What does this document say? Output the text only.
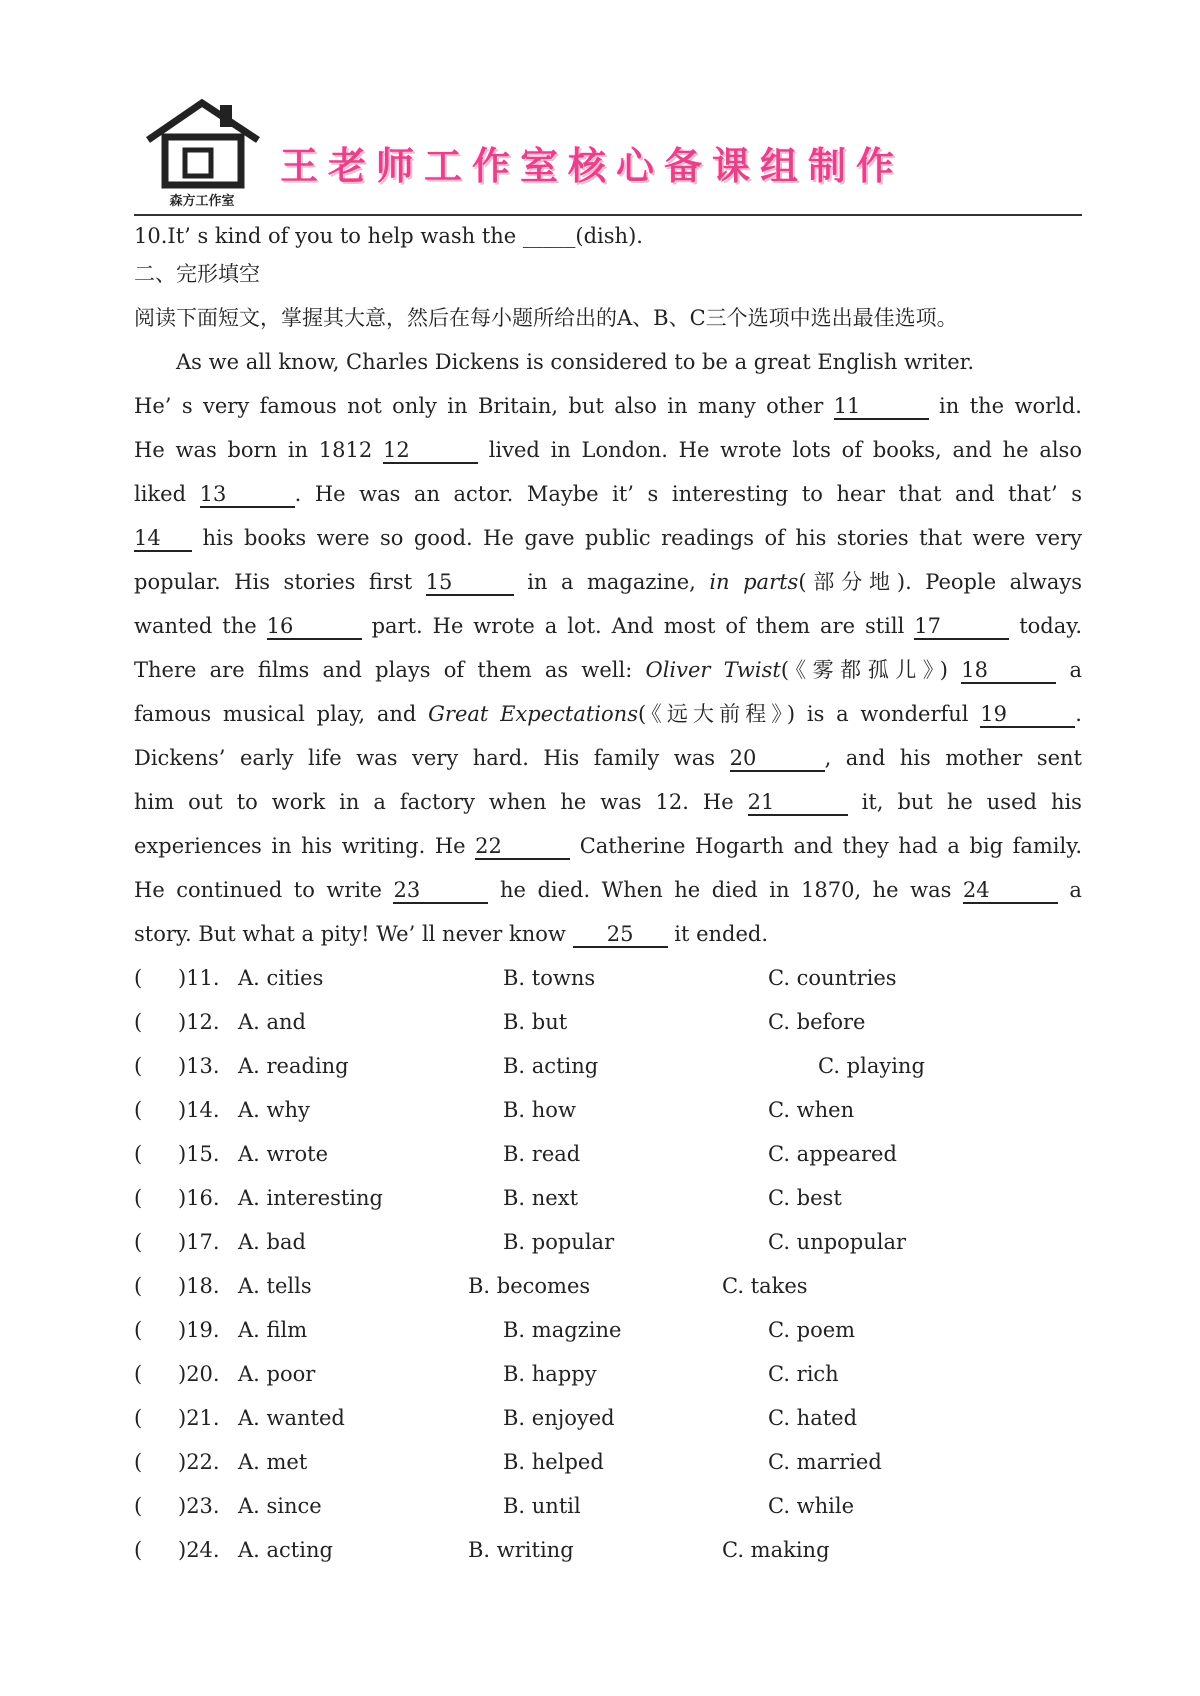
森方工作室
王老师工作室核心备课组制作
10.It’ s kind of you to help wash the _____(dish).
二、完形填空
阅读下面短文，掌握其大意，然后在每小题所给出的A、B、C三个选项中选出最佳选项。
As we all know, Charles Dickens is considered to be a great English writer.
He’ s very famous not only in Britain, but also in many other 11	in the world.
He was born in 1812 12	lived in London. He wrote lots of books, and he also
liked 13	. He was an actor. Maybe it’ s interesting to hear that and that’ s
14 his books were so good. He gave public readings of his stories that were very
popular. His stories first 15	in a magazine, in parts(部分地). People always
wanted the 16	part. He wrote a lot. And most of them are still 17	today.
There are films and plays of them as well: Oliver Twist(《雾都孤儿》) 18	a
famous musical play, and Great Expectations(《远大前程》) is a wonderful 19	.
Dickens’ early life was very hard. His family was 20	, and his mother sent
him out to work in a factory when he was 12. He 21	it, but he used his
experiences in his writing. He 22	Catherine Hogarth and they had a big family.
He continued to write 23	he died. When he died in 1870, he was 24	a
story. But what a pity! We’ ll never know 25 it ended.
( )11. A. cities	B. towns	C. countries
( )12. A. and	B. but	C. before
( )13. A. reading	B. acting	C. playing
( )14. A. why	B. how	C. when
( )15. A. wrote	B. read	C. appeared
( )16. A. interesting	B. next	C. best
( )17. A. bad	B. popular	C. unpopular
( )18. A. tells	B. becomes	C. takes
( )19. A. film	B. magzine	C. poem
( )20. A. poor	B. happy	C. rich
( )21. A. wanted	B. enjoyed	C. hated
( )22. A. met	B. helped	C. married
( )23. A. since	B. until	C. while
( )24. A. acting	B. writing	C. making
